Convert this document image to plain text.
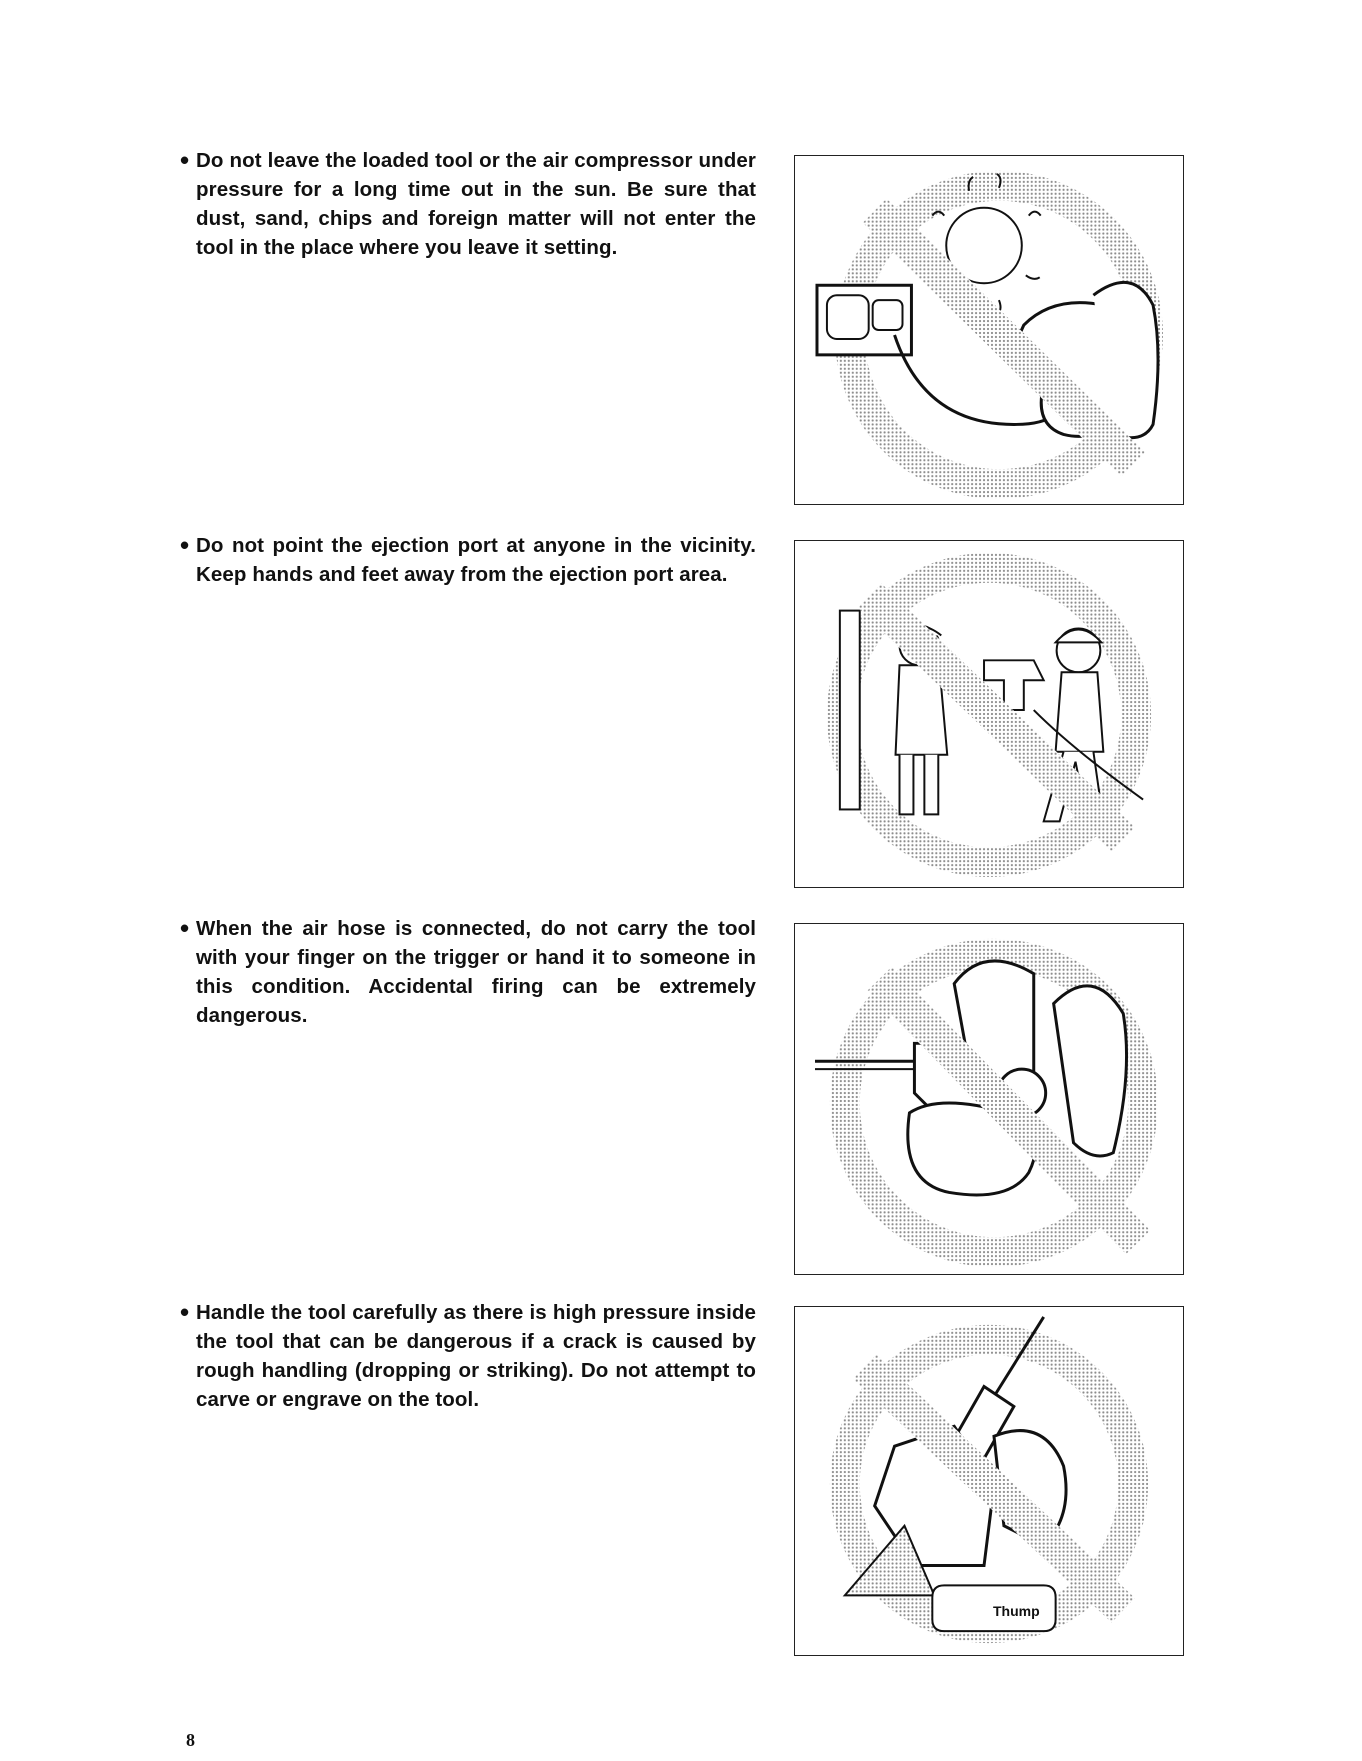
• Do not leave the loaded tool or the air compressor under pressure for a long time out in the sun. Be sure that dust, sand, chips and foreign matter will not enter the tool in the place where you leave it setting.
• Do not point the ejection port at anyone in the vicinity. Keep hands and feet away from the ejection port area.
• When the air hose is connected, do not carry the tool with your finger on the trigger or hand it to someone in this condition. Accidental firing can be extremely dangerous.
• Handle the tool carefully as there is high pressure inside the tool that can be dangerous if a crack is caused by rough handling (dropping or striking). Do not attempt to carve or engrave on the tool.
Thump
8
